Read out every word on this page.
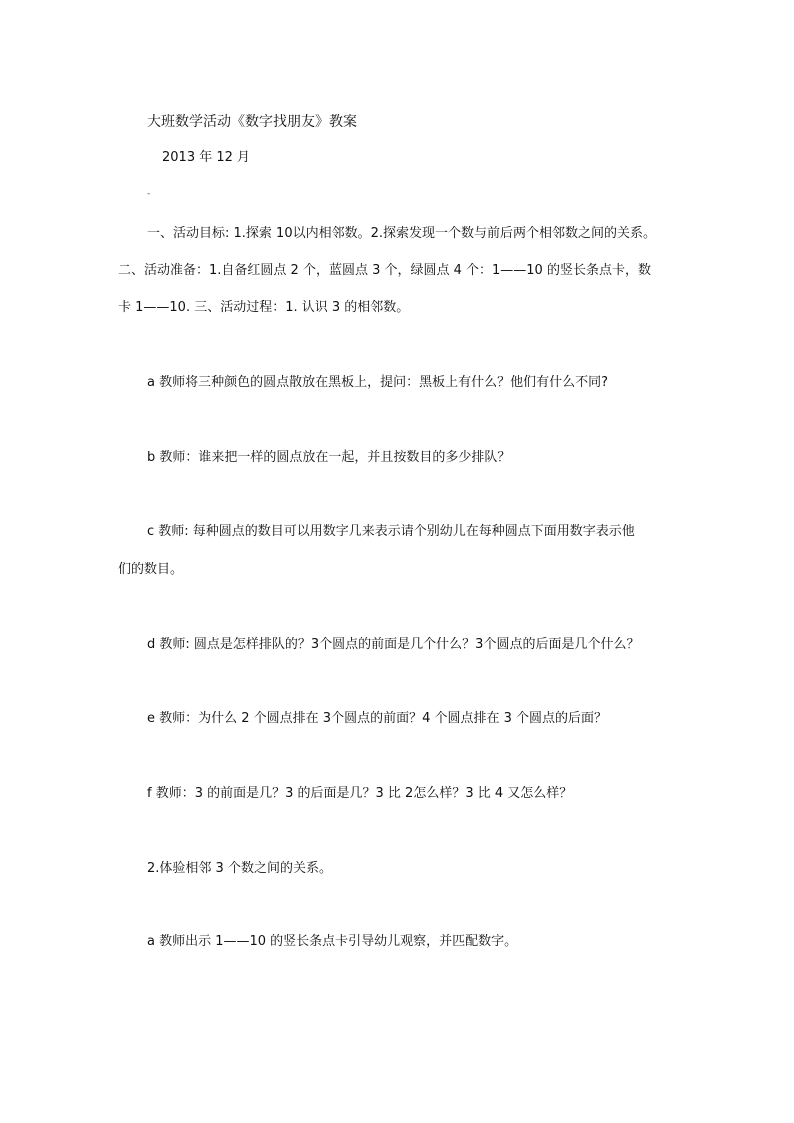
大班数学活动《数字找朋友》教案
2013 年 12 月
-
一、活动目标: 1.探索 10以内相邻数。2.探索发现一个数与前后两个相邻数之间的关系。
二、活动准备：1.自备红圆点 2 个，蓝圆点 3 个，绿圆点 4 个：1——10 的竖长条点卡，数
卡 1——10. 三、活动过程：1. 认识 3 的相邻数。
a 教师将三种颜色的圆点散放在黑板上，提问：黑板上有什么？他们有什么不同?
b 教师：谁来把一样的圆点放在一起，并且按数目的多少排队？
c 教师: 每种圆点的数目可以用数字几来表示请个别幼儿在每种圆点下面用数字表示他
们的数目。
d 教师: 圆点是怎样排队的？3个圆点的前面是几个什么？3个圆点的后面是几个什么？
e 教师：为什么 2 个圆点排在 3个圆点的前面？4 个圆点排在 3 个圆点的后面？
f 教师：3 的前面是几？3 的后面是几？3 比 2怎么样？3 比 4 又怎么样？
2.体验相邻 3 个数之间的关系。
a 教师出示 1——10 的竖长条点卡引导幼儿观察，并匹配数字。
